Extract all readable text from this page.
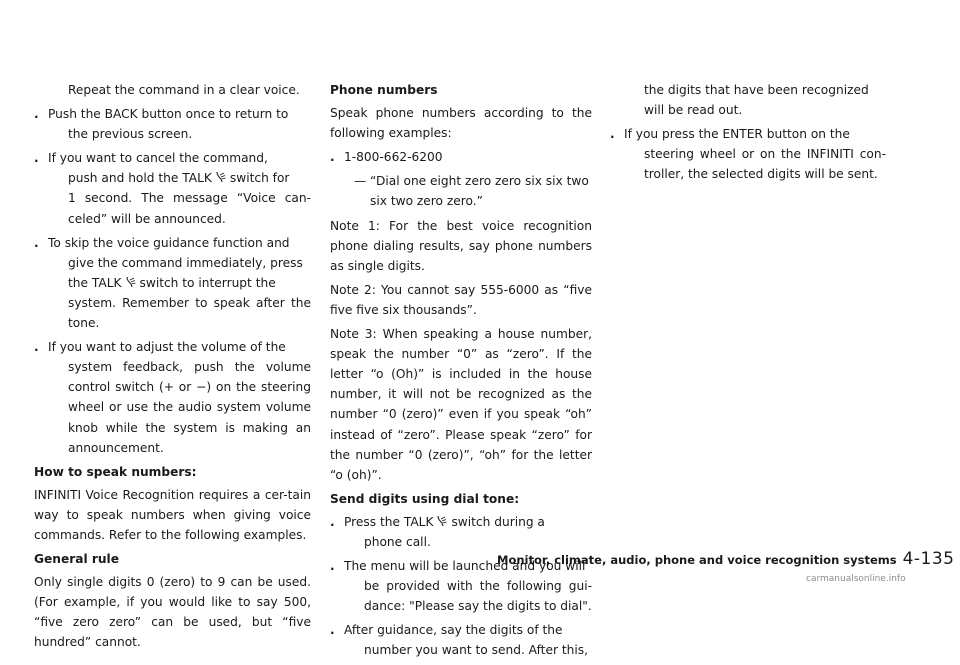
Repeat the command in a clear voice.

. Push the BACK button once to return to
the previous screen.
. If you want to cancel the command,
push and hold the TALK switch for
1 second. The message “Voice can-celed” will be announced.
. To skip the voice guidance function and
give the command immediately, press
the TALK switch to interrupt the
system. Remember to speak after the tone.
. If you want to adjust the volume of the
system feedback, push the volume control switch (+ or −) on the steering wheel or use the audio system volume knob while the system is making an announcement.

How to speak numbers:

INFINITI Voice Recognition requires a cer-tain way to speak numbers when giving voice commands. Refer to the following examples.

General rule

Only single digits 0 (zero) to 9 can be used. (For example, if you would like to say 500, “five zero zero” can be used, but “five hundred” cannot.

Phone numbers

Speak phone numbers according to the following examples:

. 1-800-662-6200
— “Dial one eight zero zero six six two
six two zero zero.”

Note 1: For the best voice recognition phone dialing results, say phone numbers as single digits.

Note 2: You cannot say 555-6000 as “five five five six thousands”.

Note 3: When speaking a house number, speak the number “0” as “zero”. If the letter “o (Oh)” is included in the house number, it will not be recognized as the number “0 (zero)” even if you speak “oh” instead of “zero”. Please speak “zero” for the number “0 (zero)”, “oh” for the letter “o (oh)”.

Send digits using dial tone:

. Press the TALK switch during a
phone call.
. The menu will be launched and you will
be provided with the following gui-dance: "Please say the digits to dial".
. After guidance, say the digits of the
number you want to send. After this,

the digits that have been recognized will be read out.

. If you press the ENTER button on the
steering wheel or on the INFINITI con-troller, the selected digits will be sent.
Monitor, climate, audio, phone and voice recognition systems 4-135
carmanualsonline.info
